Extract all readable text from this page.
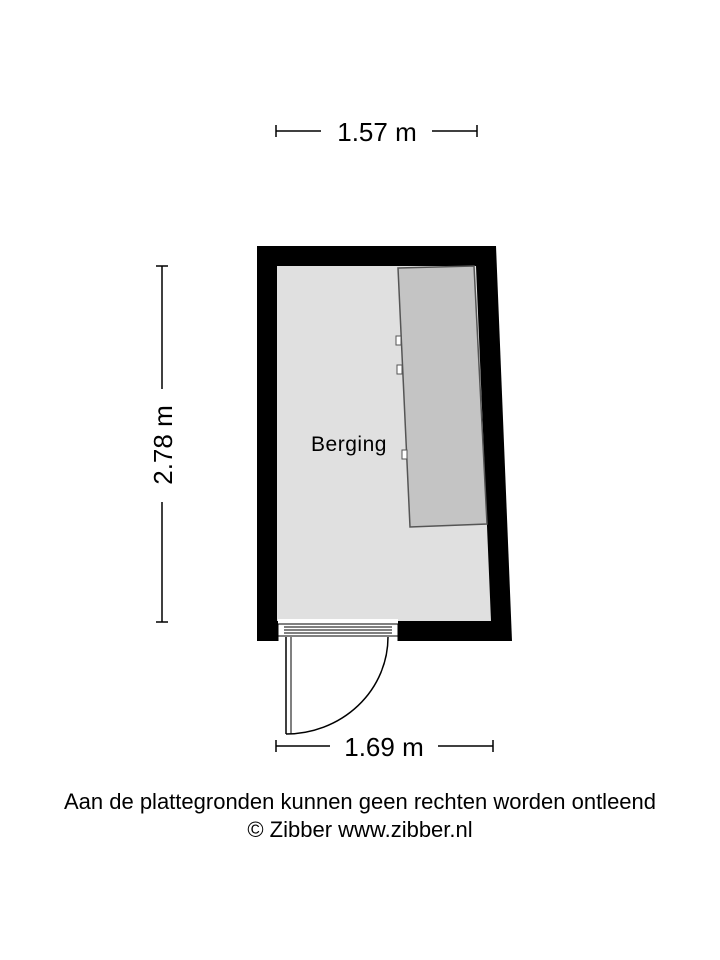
1.57 m
2.78 m
1.69 m
Berging
Aan de plattegronden kunnen geen rechten worden ontleend
© Zibber www.zibber.nl
